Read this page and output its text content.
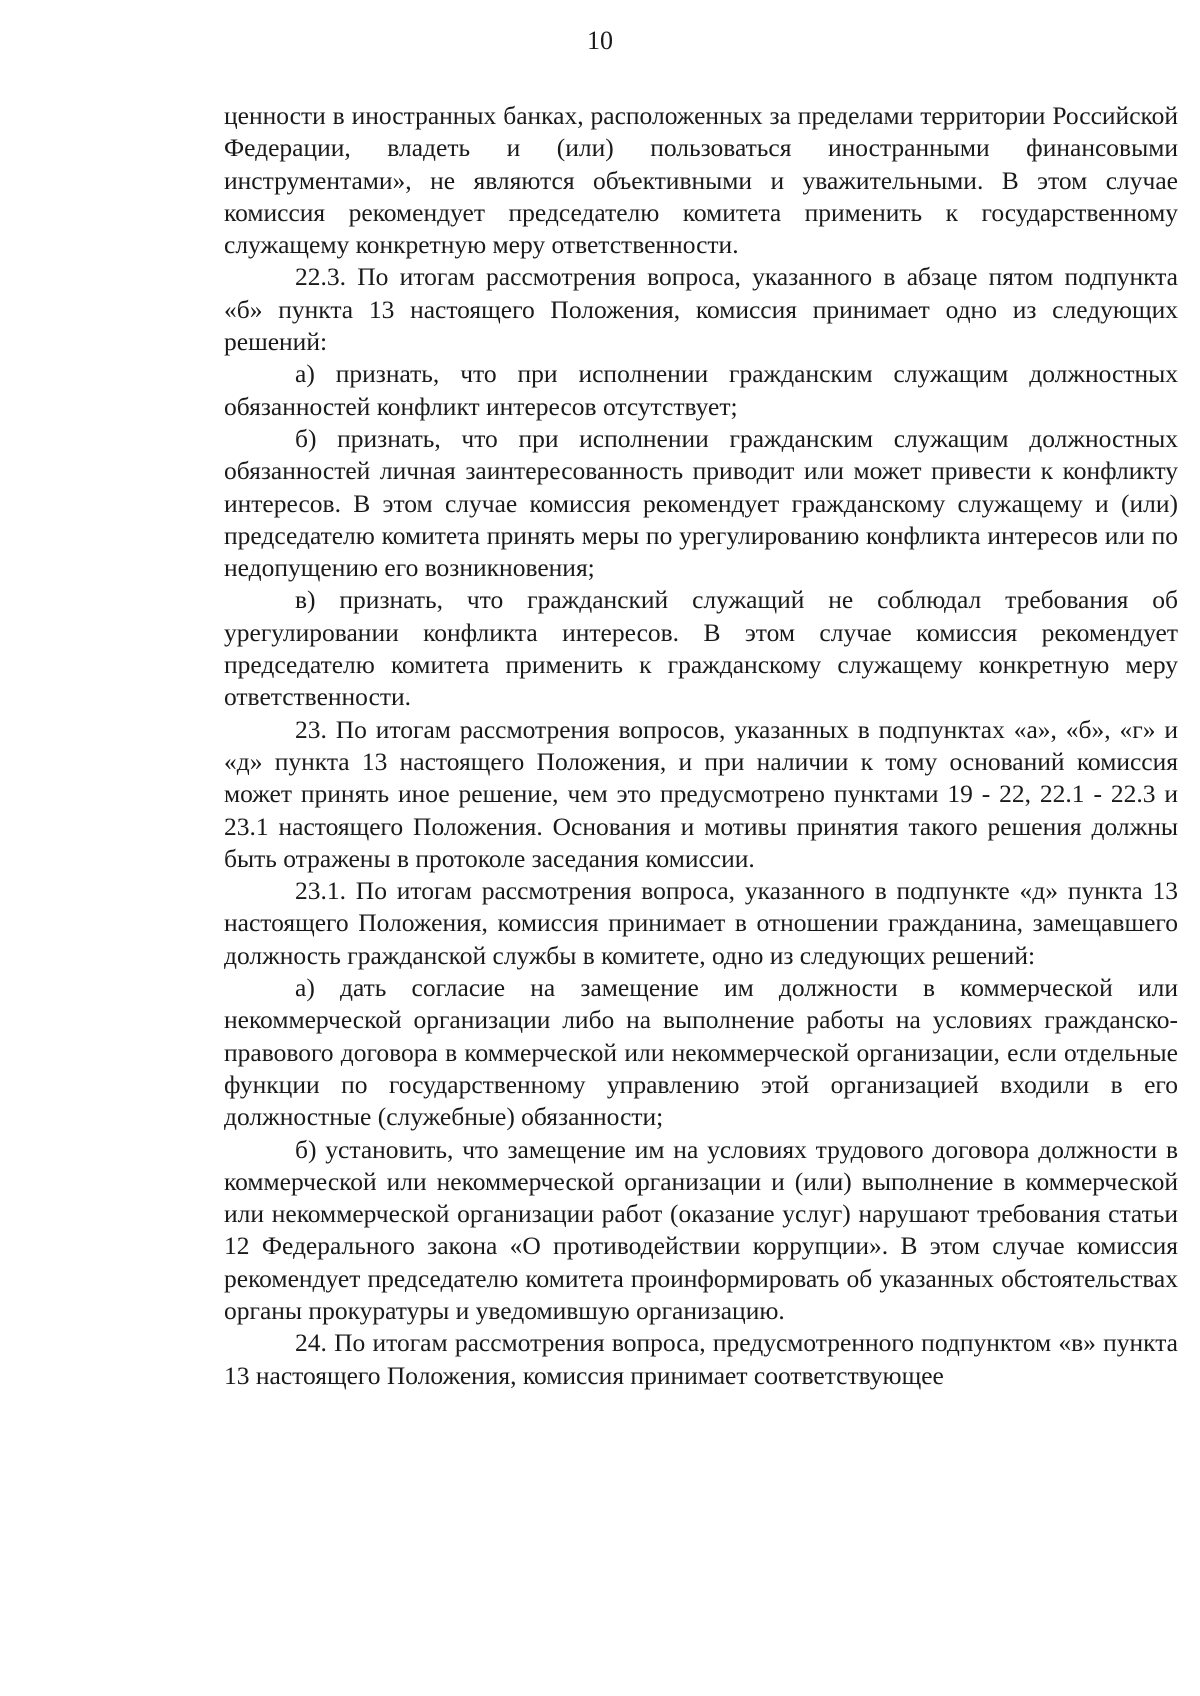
10

ценности в иностранных банках, расположенных за пределами территории Российской Федерации, владеть и (или) пользоваться иностранными финансовыми инструментами», не являются объективными и уважительными. В этом случае комиссия рекомендует председателю комитета применить к государственному служащему конкретную меру ответственности.

22.3. По итогам рассмотрения вопроса, указанного в абзаце пятом подпункта «б» пункта 13 настоящего Положения, комиссия принимает одно из следующих решений:

а) признать, что при исполнении гражданским служащим должностных обязанностей конфликт интересов отсутствует;

б) признать, что при исполнении гражданским служащим должностных обязанностей личная заинтересованность приводит или может привести к конфликту интересов. В этом случае комиссия рекомендует гражданскому служащему и (или) председателю комитета принять меры по урегулированию конфликта интересов или по недопущению его возникновения;

в) признать, что гражданский служащий не соблюдал требования об урегулировании конфликта интересов. В этом случае комиссия рекомендует председателю комитета применить к гражданскому служащему конкретную меру ответственности.

23. По итогам рассмотрения вопросов, указанных в подпунктах «а», «б», «г» и «д» пункта 13 настоящего Положения, и при наличии к тому оснований комиссия может принять иное решение, чем это предусмотрено пунктами 19 - 22, 22.1 - 22.3 и 23.1 настоящего Положения. Основания и мотивы принятия такого решения должны быть отражены в протоколе заседания комиссии.

23.1. По итогам рассмотрения вопроса, указанного в подпункте «д» пункта 13 настоящего Положения, комиссия принимает в отношении гражданина, замещавшего должность гражданской службы в комитете, одно из следующих решений:

а) дать согласие на замещение им должности в коммерческой или некоммерческой организации либо на выполнение работы на условиях гражданско-правового договора в коммерческой или некоммерческой организации, если отдельные функции по государственному управлению этой организацией входили в его должностные (служебные) обязанности;

б) установить, что замещение им на условиях трудового договора должности в коммерческой или некоммерческой организации и (или) выполнение в коммерческой или некоммерческой организации работ (оказание услуг) нарушают требования статьи 12 Федерального закона «О противодействии коррупции». В этом случае комиссия рекомендует председателю комитета проинформировать об указанных обстоятельствах органы прокуратуры и уведомившую организацию.

24. По итогам рассмотрения вопроса, предусмотренного подпунктом «в» пункта 13 настоящего Положения, комиссия принимает соответствующее
